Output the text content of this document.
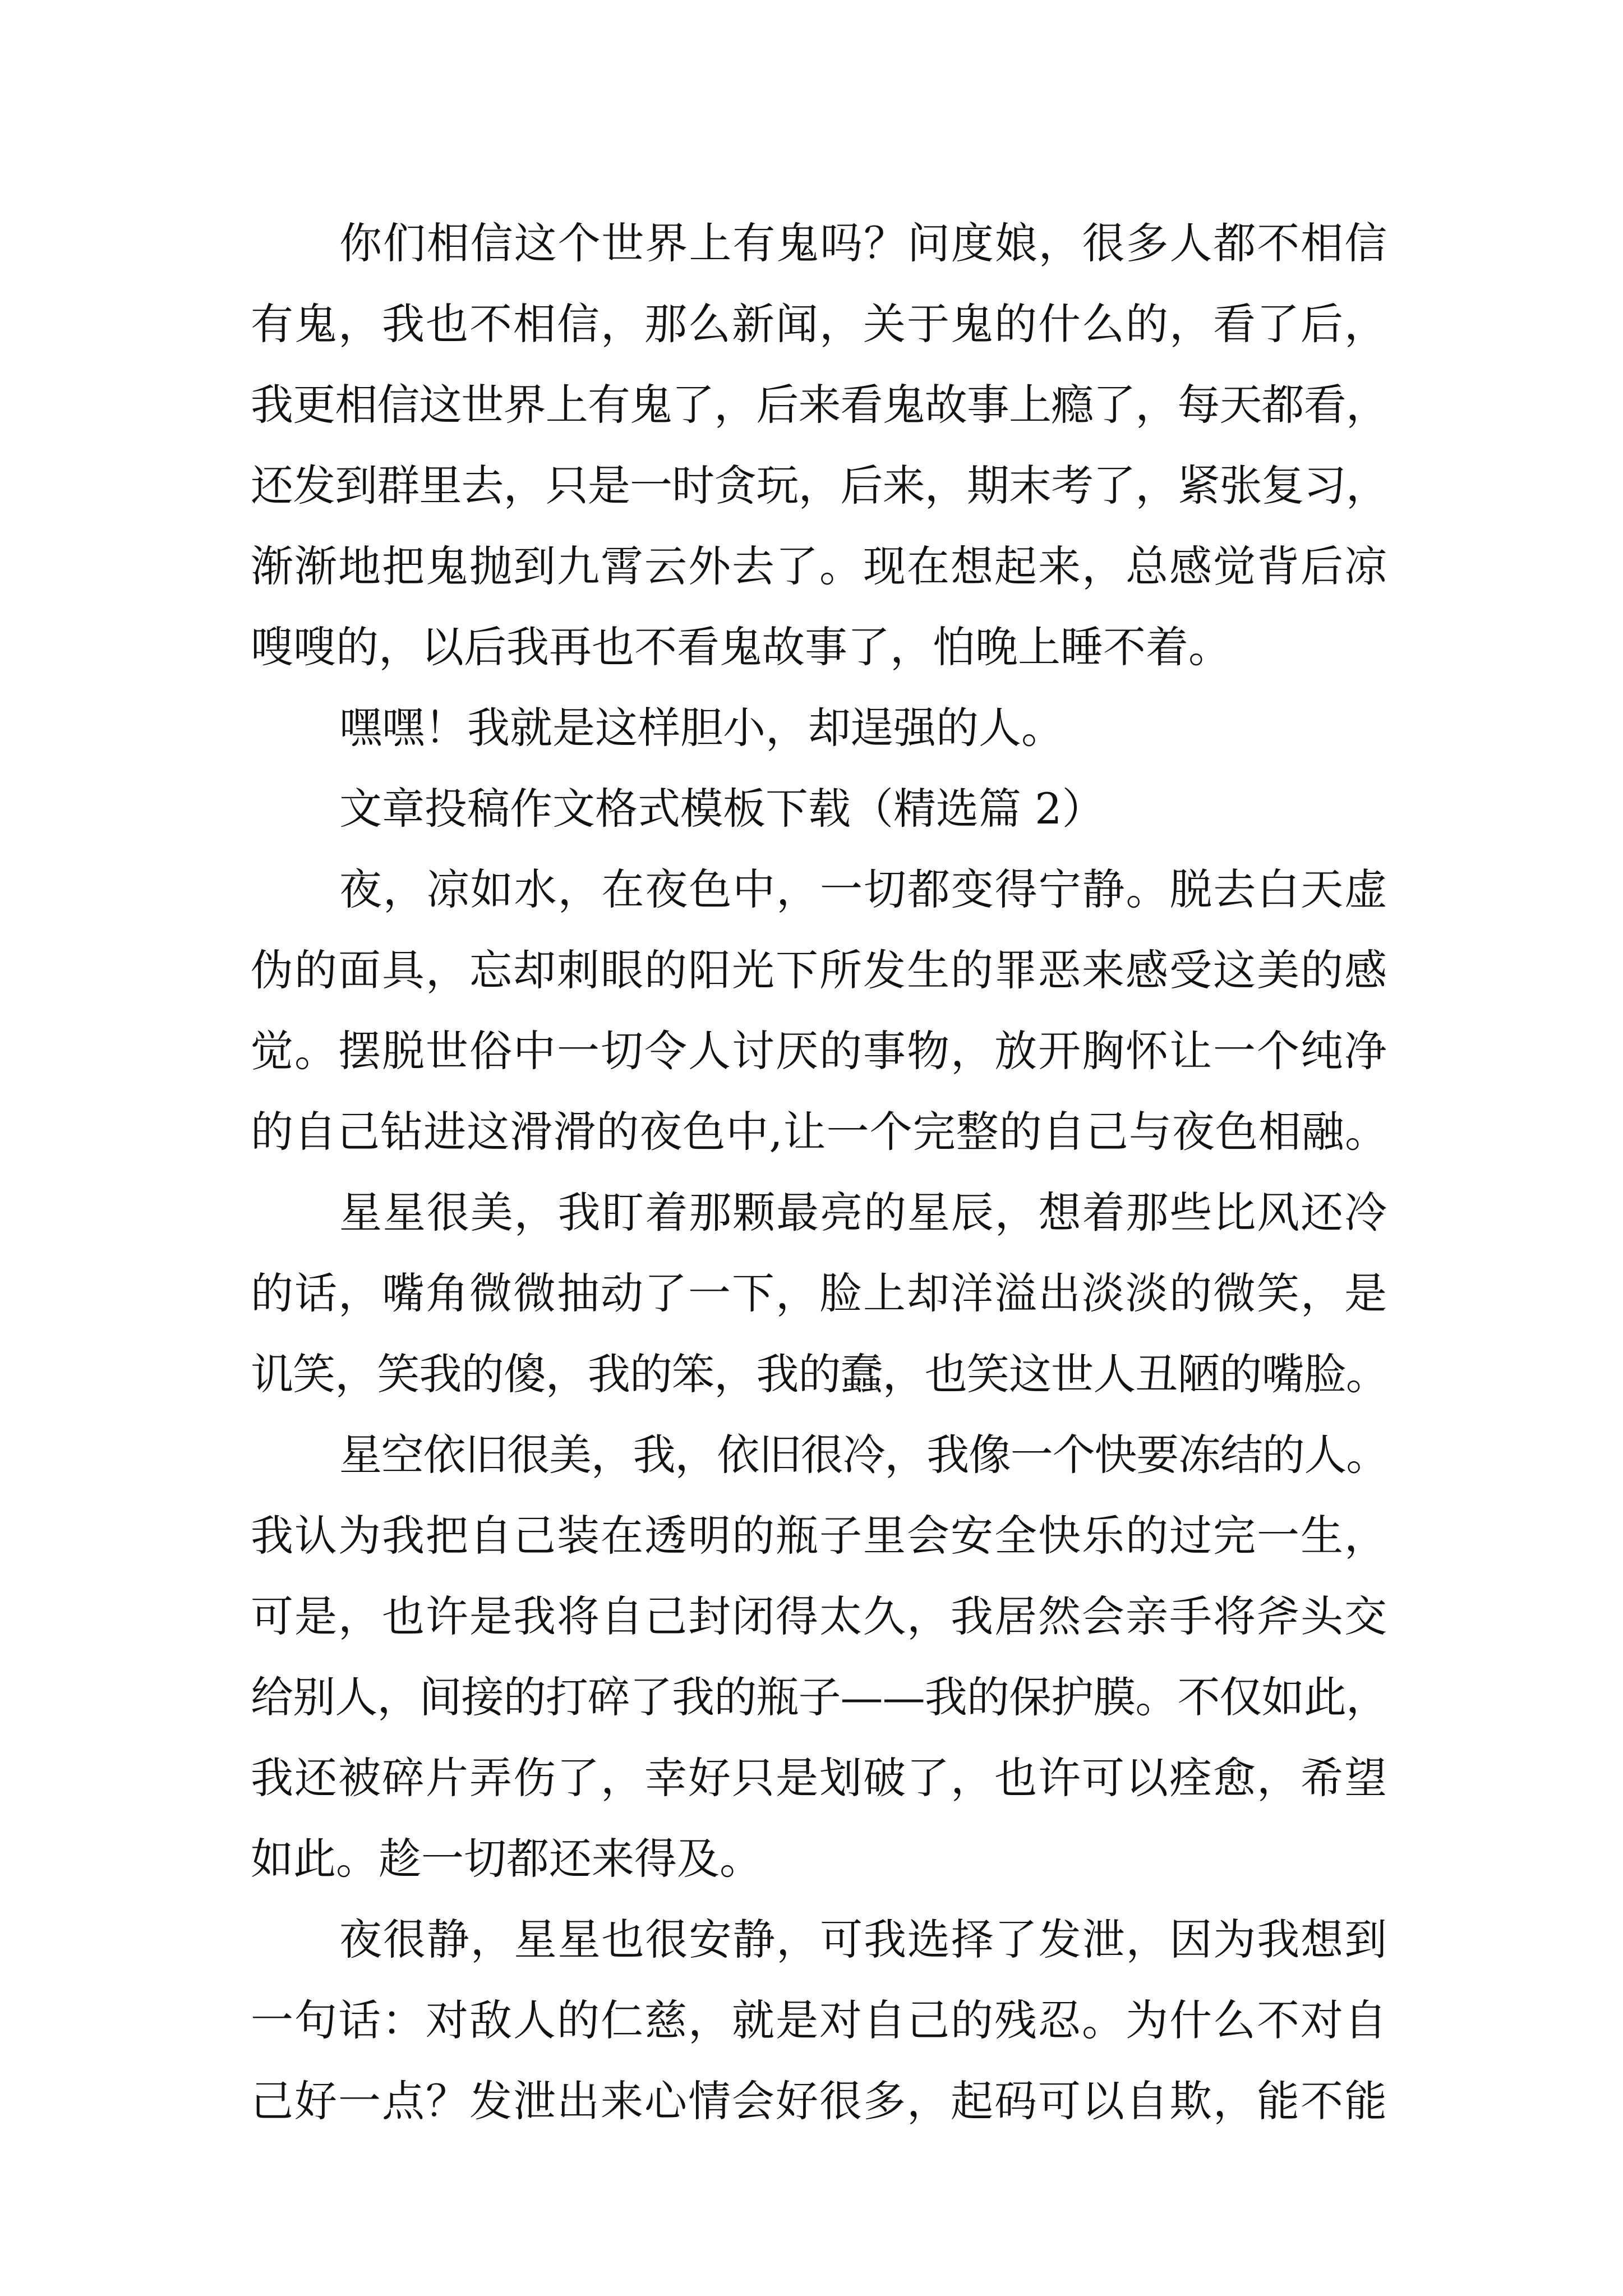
你们相信这个世界上有鬼吗？问度娘，很多人都不相信
有鬼，我也不相信，那么新闻，关于鬼的什么的，看了后，
我更相信这世界上有鬼了，后来看鬼故事上瘾了，每天都看，
还发到群里去，只是一时贪玩，后来，期末考了，紧张复习，
渐渐地把鬼抛到九霄云外去了。现在想起来，总感觉背后凉
嗖嗖的，以后我再也不看鬼故事了，怕晚上睡不着。
嘿嘿！我就是这样胆小，却逞强的人。
文章投稿作文格式模板下载（精选篇 2）
夜，凉如水，在夜色中，一切都变得宁静。脱去白天虚
伪的面具，忘却刺眼的阳光下所发生的罪恶来感受这美的感
觉。摆脱世俗中一切令人讨厌的事物，放开胸怀让一个纯净
的自己钻进这滑滑的夜色中,让一个完整的自己与夜色相融。
星星很美，我盯着那颗最亮的星辰，想着那些比风还冷
的话，嘴角微微抽动了一下，脸上却洋溢出淡淡的微笑，是
讥笑，笑我的傻，我的笨，我的蠢，也笑这世人丑陋的嘴脸。
星空依旧很美，我，依旧很冷，我像一个快要冻结的人。
我认为我把自己装在透明的瓶子里会安全快乐的过完一生，
可是，也许是我将自己封闭得太久，我居然会亲手将斧头交
给别人，间接的打碎了我的瓶子——我的保护膜。不仅如此，
我还被碎片弄伤了，幸好只是划破了，也许可以痊愈，希望
如此。趁一切都还来得及。
夜很静，星星也很安静，可我选择了发泄，因为我想到
一句话：对敌人的仁慈，就是对自己的残忍。为什么不对自
己好一点？发泄出来心情会好很多，起码可以自欺，能不能
